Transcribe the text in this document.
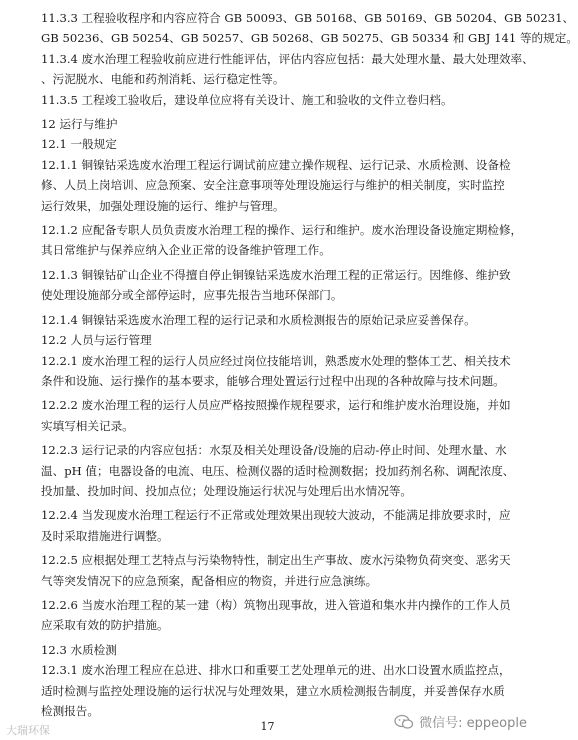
11.3.3 工程验收程序和内容应符合 GB 50093、GB 50168、GB 50169、GB 50204、GB 50231、
GB 50236、GB 50254、GB 50257、GB 50268、GB 50275、GB 50334 和 GBJ 141 等的规定。
11.3.4 废水治理工程验收前应进行性能评估，评估内容应包括：最大处理水量、最大处理效率、
、污泥脱水、电能和药剂消耗、运行稳定性等。
11.3.5 工程竣工验收后，建设单位应将有关设计、施工和验收的文件立卷归档。
12 运行与维护
12.1 一般规定
12.1.1 铜镍钴采选废水治理工程运行调试前应建立操作规程、运行记录、水质检测、设备检
修、人员上岗培训、应急预案、安全注意事项等处理设施运行与维护的相关制度，实时监控
运行效果，加强处理设施的运行、维护与管理。
12.1.2 应配备专职人员负责废水治理工程的操作、运行和维护。废水治理设备设施定期检修，
其日常维护与保养应纳入企业正常的设备维护管理工作。
12.1.3 铜镍钴矿山企业不得擅自停止铜镍钴采选废水治理工程的正常运行。因维修、维护致
使处理设施部分或全部停运时，应事先报告当地环保部门。
12.1.4 铜镍钴采选废水治理工程的运行记录和水质检测报告的原始记录应妥善保存。
12.2 人员与运行管理
12.2.1 废水治理工程的运行人员应经过岗位技能培训，熟悉废水处理的整体工艺、相关技术
条件和设施、运行操作的基本要求，能够合理处置运行过程中出现的各种故障与技术问题。
12.2.2 废水治理工程的运行人员应严格按照操作规程要求，运行和维护废水治理设施，并如
实填写相关记录。
12.2.3 运行记录的内容应包括：水泵及相关处理设备/设施的启动-停止时间、处理水量、水
温、pH 值；电器设备的电流、电压、检测仪器的适时检测数据；投加药剂名称、调配浓度、
投加量、投加时间、投加点位；处理设施运行状况与处理后出水情况等。
12.2.4 当发现废水治理工程运行不正常或处理效果出现较大波动，不能满足排放要求时，应
及时采取措施进行调整。
12.2.5 应根据处理工艺特点与污染物特性，制定出生产事故、废水污染物负荷突变、恶劣天
气等突发情况下的应急预案，配备相应的物资，并进行应急演练。
12.2.6 当废水治理工程的某一建（构）筑物出现事故，进入管道和集水井内操作的工作人员
应采取有效的防护措施。
12.3 水质检测
12.3.1 废水治理工程应在总进、排水口和重要工艺处理单元的进、出水口设置水质监控点，
适时检测与监控处理设施的运行状况与处理效果，建立水质检测报告制度，并妥善保存水质
检测报告。
17
大瑞环保	微信号: eppeople
